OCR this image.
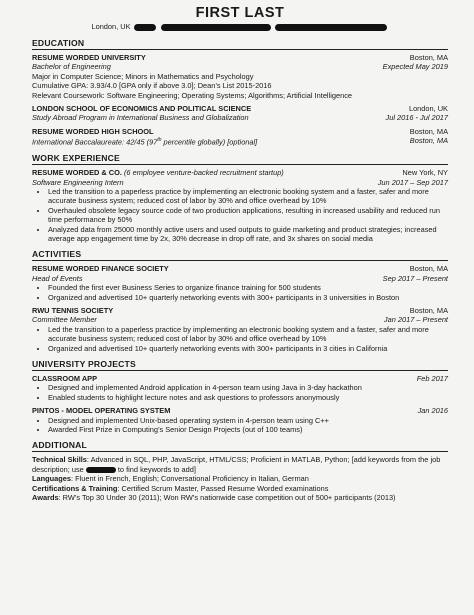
FIRST LAST
London, UK
EDUCATION
RESUME WORDED UNIVERSITY	Boston, MA
Bachelor of Engineering	Expected May 2019
Major in Computer Science; Minors in Mathematics and Psychology
Cumulative GPA: 3.93/4.0 [GPA only if above 3.0]; Dean’s List 2015-2016
Relevant Coursework: Software Engineering; Operating Systems; Algorithms; Artificial Intelligence
LONDON SCHOOL OF ECONOMICS AND POLITICAL SCIENCE	London, UK
Study Abroad Program in International Business and Globalization	Jul 2016 - Jul 2017
RESUME WORDED HIGH SCHOOL	Boston, MA
International Baccalaureate: 42/45 (97th percentile globally) [optional]	Boston, MA
WORK EXPERIENCE
RESUME WORDED & CO. (6 employee venture-backed recruitment startup)	New York, NY
Software Engineering Intern	Jun 2017 – Sep 2017
• Led the transition to a paperless practice by implementing an electronic booking system and a faster, safer and more accurate business system; reduced cost of labor by 30% and office overhead by 10%
• Overhauled obsolete legacy source code of two production applications, resulting in increased usability and reduced run time performance by 50%
• Analyzed data from 25000 monthly active users and used outputs to guide marketing and product strategies; increased average app engagement time by 2x, 30% decrease in drop off rate, and 3x shares on social media
ACTIVITIES
RESUME WORDED FINANCE SOCIETY	Boston, MA
Head of Events	Sep 2017 – Present
• Founded the first ever Business Series to organize finance training for 500 students
• Organized and advertised 10+ quarterly networking events with 300+ participants in 3 universities in Boston
RWU TENNIS SOCIETY	Boston, MA
Committee Member	Jan 2017 – Present
• Led the transition to a paperless practice by implementing an electronic booking system and a faster, safer and more accurate business system; reduced cost of labor by 30% and office overhead by 10%
• Organized and advertised 10+ quarterly networking events with 300+ participants in 3 cities in California
UNIVERSITY PROJECTS
CLASSROOM APP	Feb 2017
• Designed and implemented Android application in 4-person team using Java in 3-day hackathon
• Enabled students to highlight lecture notes and ask questions to professors anonymously
PINTOS - MODEL OPERATING SYSTEM	Jan 2016
• Designed and implemented Unix-based operating system in 4-person team using C++
• Awarded First Prize in Computing’s Senior Design Projects (out of 100 teams)
ADDITIONAL
Technical Skills: Advanced in SQL, PHP, JavaScript, HTML/CSS; Proficient in MATLAB, Python; [add keywords from the job description; use	to find keywords to add]
Languages: Fluent in French, English; Conversational Proficiency in Italian, German
Certifications & Training: Certified Scrum Master, Passed Resume Worded examinations
Awards: RW’s Top 30 Under 30 (2011); Won RW’s nationwide case competition out of 500+ participants (2013)
